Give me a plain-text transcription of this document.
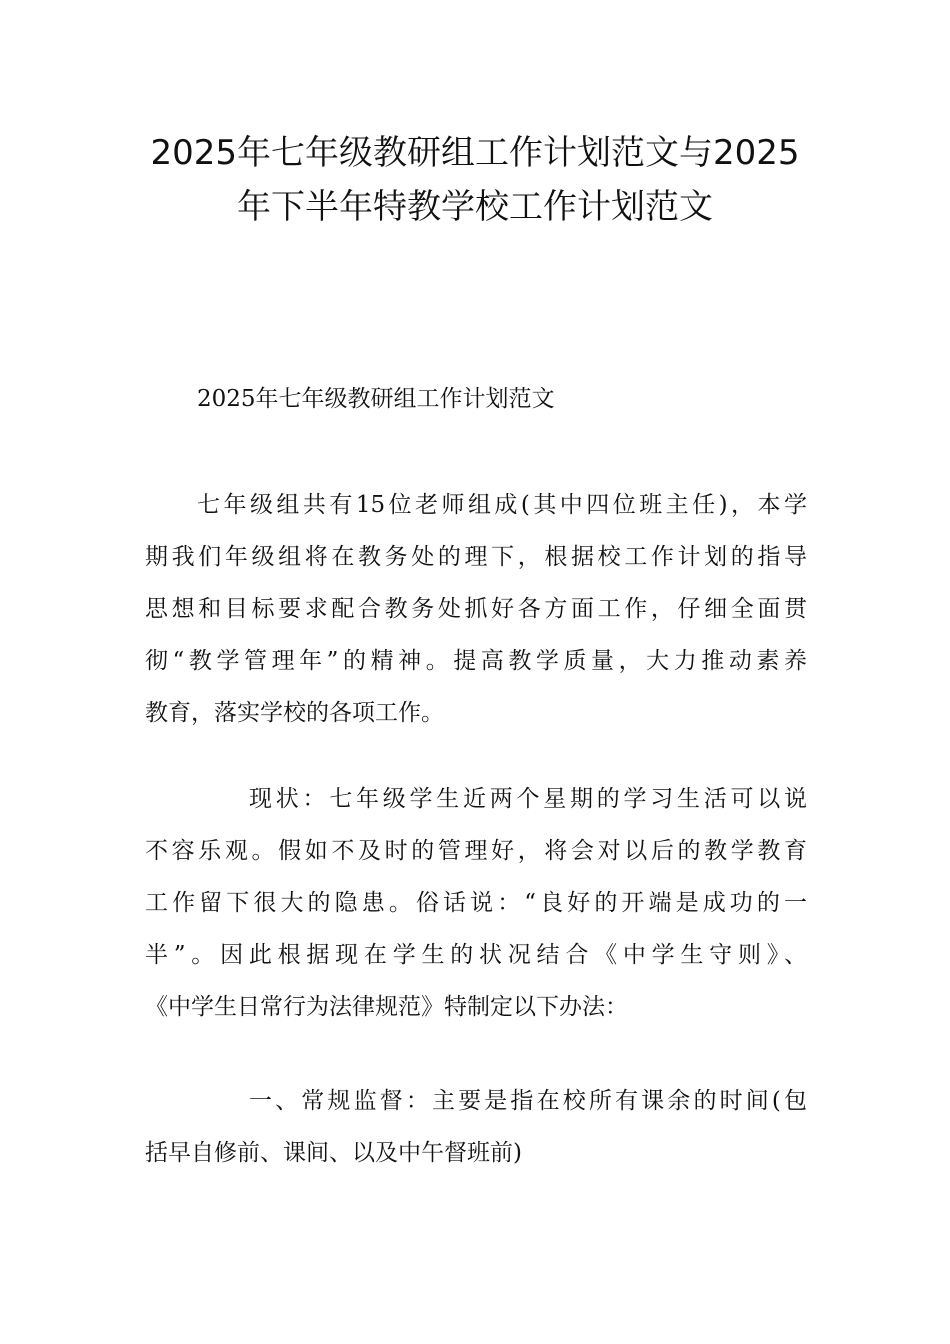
2025年七年级教研组工作计划范文与2025
年下半年特教学校工作计划范文

2025年七年级教研组工作计划范文

七年级组共有15位老师组成(其中四位班主任)，本学
期我们年级组将在教务处的理下，根据校工作计划的指导
思想和目标要求配合教务处抓好各方面工作，仔细全面贯
彻“教学管理年”的精神。提高教学质量，大力推动素养
教育，落实学校的各项工作。

现状：七年级学生近两个星期的学习生活可以说
不容乐观。假如不及时的管理好，将会对以后的教学教育
工作留下很大的隐患。俗话说：“良好的开端是成功的一
半”。因此根据现在学生的状况结合《中学生守则》、
《中学生日常行为法律规范》特制定以下办法：

一、常规监督：主要是指在校所有课余的时间(包
括早自修前、课间、以及中午督班前)
